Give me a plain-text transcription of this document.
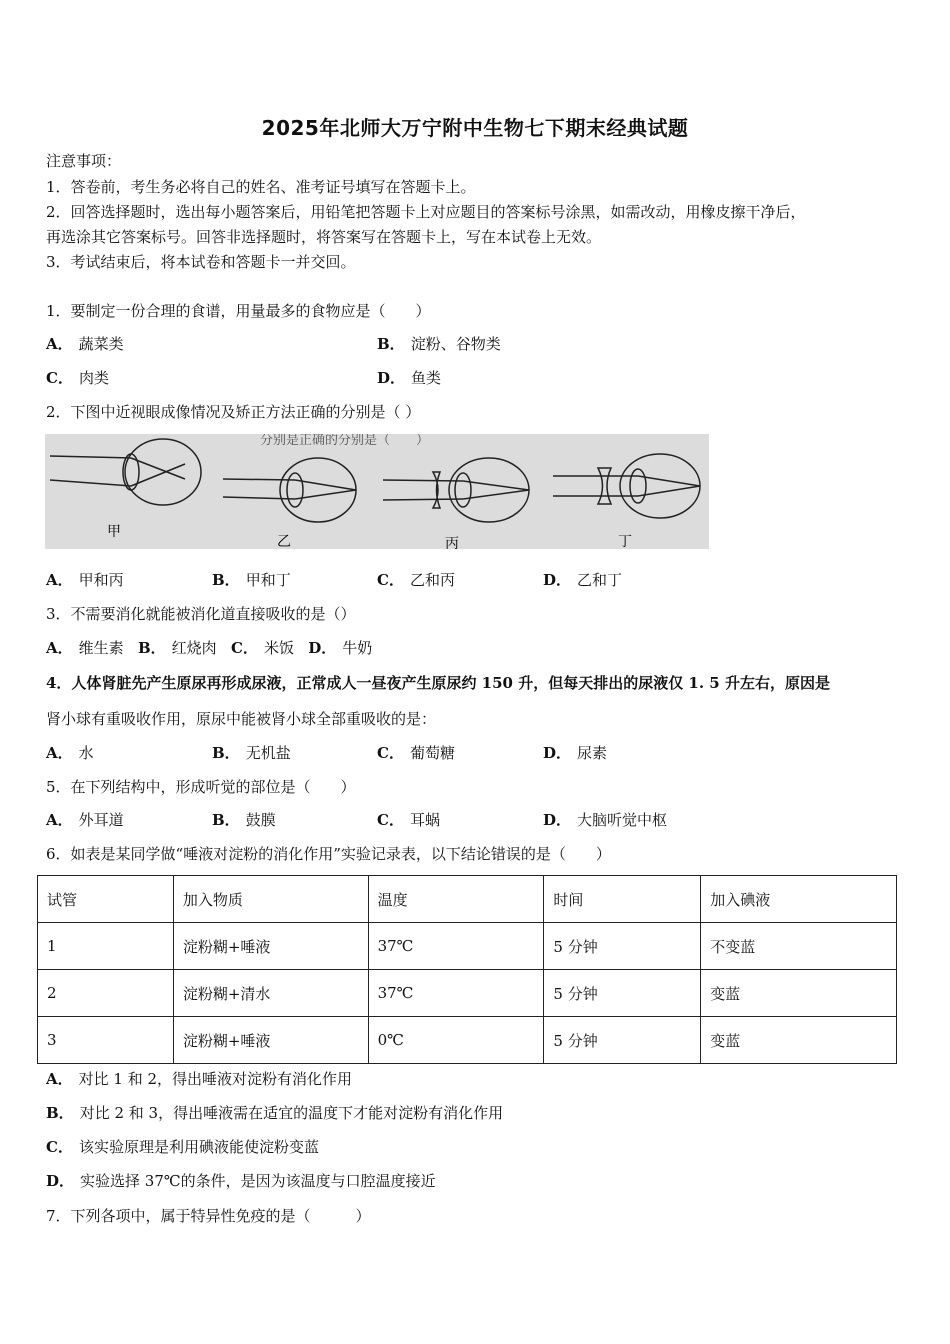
2025年北师大万宁附中生物七下期末经典试题
注意事项：
1．答卷前，考生务必将自己的姓名、准考证号填写在答题卡上。
2．回答选择题时，选出每小题答案后，用铅笔把答题卡上对应题目的答案标号涂黑，如需改动，用橡皮擦干净后，
再选涂其它答案标号。回答非选择题时，将答案写在答题卡上，写在本试卷上无效。
3．考试结束后，将本试卷和答题卡一并交回。
1．要制定一份合理的食谱，用量最多的食物应是（　　）
A． 蔬菜类	B． 淀粉、谷物类
C． 肉类	D． 鱼类
2．下图中近视眼成像情况及矫正方法正确的分别是（ ）
分别是正确的分别是（　　）
甲
乙	丙	丁
A． 甲和丙	B． 甲和丁	C． 乙和丙	D． 乙和丁
3．不需要消化就能被消化道直接吸收的是（）
A． 维生素 B． 红烧肉 C． 米饭 D． 牛奶
4．人体肾脏先产生原尿再形成尿液，正常成人一昼夜产生原尿约 150 升，但每天排出的尿液仅 1. 5 升左右，原因是
肾小球有重吸收作用，原尿中能被肾小球全部重吸收的是：
A． 水	B． 无机盐	C． 葡萄糖	D． 尿素
5．在下列结构中，形成听觉的部位是（　　）
A． 外耳道	B． 鼓膜	C． 耳蜗	D． 大脑听觉中枢
6．如表是某同学做“唾液对淀粉的消化作用”实验记录表，以下结论错误的是（　　）
试管	加入物质	温度	时间	加入碘液
1	淀粉糊+唾液	37℃	5 分钟	不变蓝
2	淀粉糊+清水	37℃	5 分钟	变蓝
3	淀粉糊+唾液	0℃	5 分钟	变蓝
A． 对比 1 和 2，得出唾液对淀粉有消化作用
B． 对比 2 和 3，得出唾液需在适宜的温度下才能对淀粉有消化作用
C． 该实验原理是利用碘液能使淀粉变蓝
D． 实验选择 37℃的条件，是因为该温度与口腔温度接近
7．下列各项中，属于特异性免疫的是（　　　）
